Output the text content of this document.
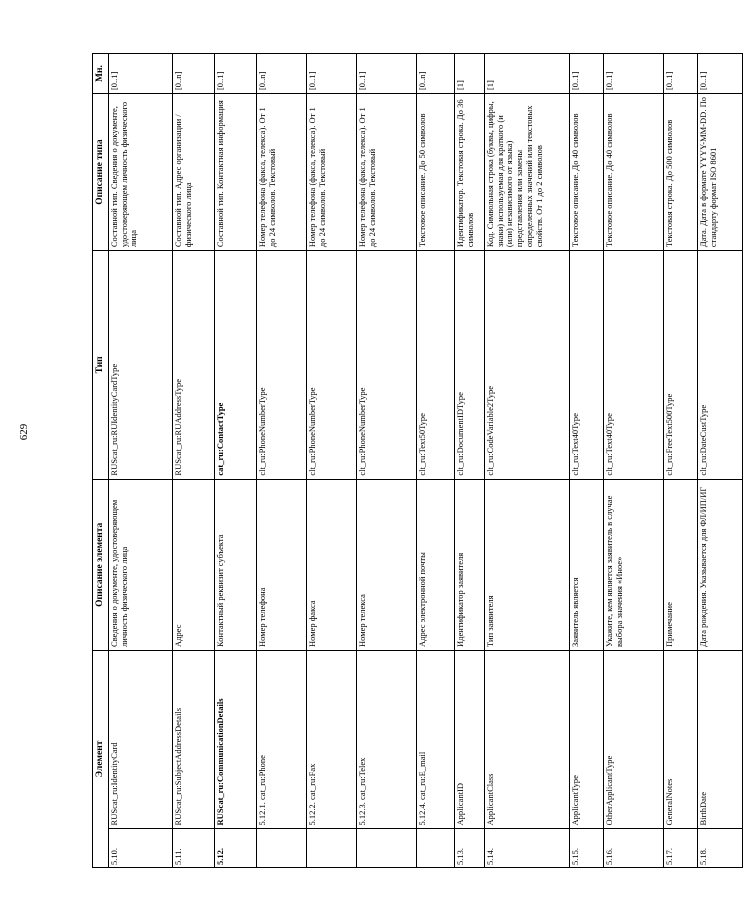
629
Элемент		Описание элемента	Тип	Описание типа	Мн.
5.10.	RUScat_ru:IdentityCard	Сведения о документе, удостоверяющем личность физического лица	RUScat_ru:RUIdentityCardType	Составной тип. Сведения о документе, удостоверяющем личность физического лица	[0..1]
5.11.	RUScat_ru:SubjectAddressDetails	Адрес	RUScat_ru:RUAddressType	Составной тип. Адрес организации / физического лица	[0..n]
5.12.	RUScat_ru:CommunicationDetails	Контактный реквизит субъекта	cat_ru:ContactType	Составной тип. Контактная информация	[0..1]
	5.12.1. cat_ru:Phone	Номер телефона	clt_ru:PhoneNumberType	Номер телефона (факса, телекса). От 1 до 24 символов. Текстовый	[0..n]
	5.12.2. cat_ru:Fax	Номер факса	clt_ru:PhoneNumberType	Номер телефона (факса, телекса). От 1 до 24 символов. Текстовый	[0..1]
	5.12.3. cat_ru:Telex	Номер телекса	clt_ru:PhoneNumberType	Номер телефона (факса, телекса). От 1 до 24 символов. Текстовый	[0..1]
	5.12.4. cat_ru:E_mail	Адрес электронной почты	clt_ru:Text50Type	Текстовое описание. До 50 символов	[0..n]
5.13.	ApplicantID	Идентификатор заявителя	clt_ru:DocumentIDType	Идентификатор. Текстовая строка. До 36 символов	[1]
5.14.	ApplicantClass	Тип заявителя	clt_ru:CodeVariable2Type	Код. Символьная строка (буквы, цифры, знаки) используемая для краткого (и (или) независимого от языка) представления или замены определенных значений или текстовых свойств. От 1 до 2 символов	[1]
5.15.	ApplicantType	Заявитель является	clt_ru:Text40Type	Текстовое описание. До 40 символов	[0..1]
5.16.	OtherApplicantType	Укажите, кем является заявитель в случае выбора значения «Иное»	clt_ru:Text40Type	Текстовое описание. До 40 символов	[0..1]
5.17.	GeneralNotes	Примечание	clt_ru:FreeText500Type	Текстовая строка. До 500 символов	[0..1]
5.18.	BirthDate	Дата рождения. Указывается для ФЛ/ИП/ИГ	clt_ru:DateCustType	Дата. Дата в формате YYYY-MM-DD. По стандарту формат ISO 8601	[0..1]
